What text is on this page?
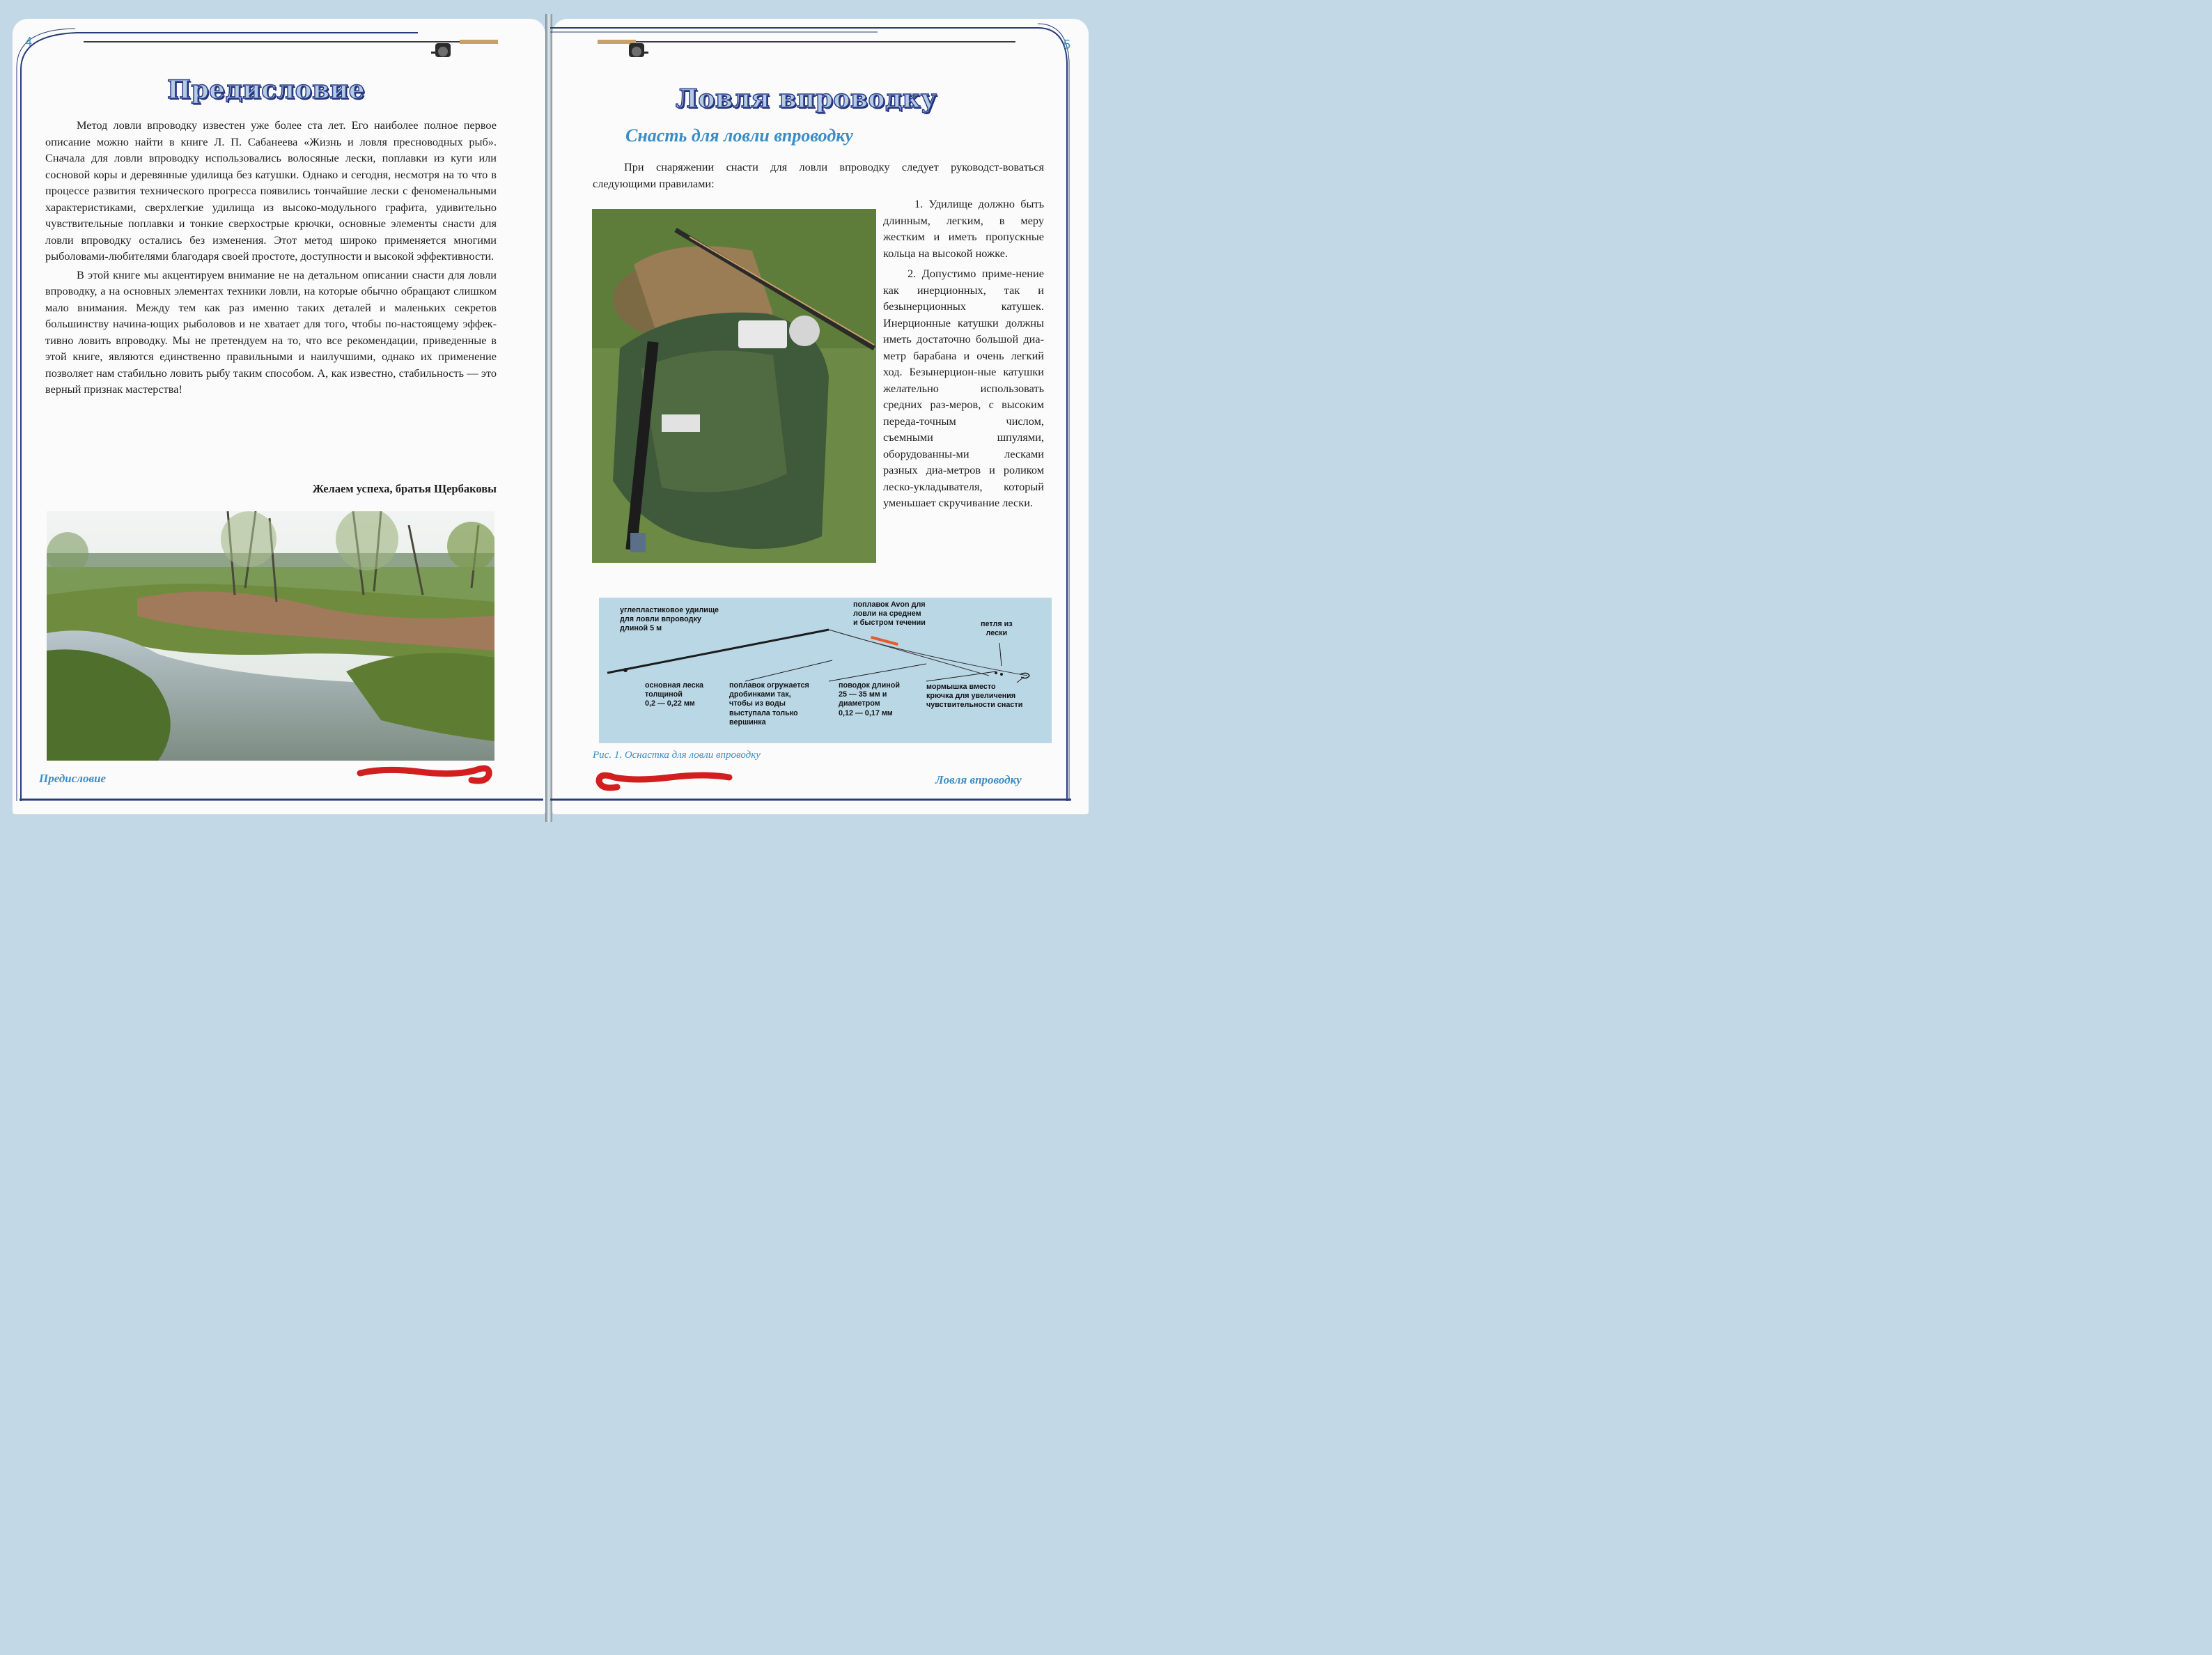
4	5
Предисловие

Метод ловли впроводку известен уже более ста лет. Его наиболее полное первое описание можно найти в книге Л. П. Сабанеева «Жизнь и ловля пресноводных рыб». Сначала для ловли впроводку использовались волосяные лески, поплавки из куги или сосновой коры и деревянные удилища без катушки. Однако и сегодня, несмотря на то что в процессе развития технического прогресса появились тончайшие лески с феноменальными характеристиками, сверхлегкие удилища из высоко-модульного графита, удивительно чувствительные поплавки и тонкие сверхострые крючки, основные элементы снасти для ловли впроводку остались без изменения. Этот метод широко применяется многими рыболовами-любителями благодаря своей простоте, доступности и высокой эффективности.

В этой книге мы акцентируем внимание не на детальном описании снасти для ловли впроводку, а на основных элементах техники ловли, на которые обычно обращают слишком мало внимания. Между тем как раз именно таких деталей и маленьких секретов большинству начина-ющих рыболовов и не хватает для того, чтобы по-настоящему эффек-тивно ловить впроводку. Мы не претендуем на то, что все рекомендации, приведенные в этой книге, являются единственно правильными и наилучшими, однако их применение позволяет нам стабильно ловить рыбу таким способом. А, как известно, стабильность — это верный признак мастерства!

Желаем успеха, братья Щербаковы
Предисловие
Ловля впроводку
Снасть для ловли впроводку

При снаряжении снасти для ловли впроводку следует руководст-воваться следующими правилами:

1. Удилище должно быть длинным, легким, в меру жестким и иметь пропускные кольца на высокой ножке.

2. Допустимо приме-нение как инерционных, так и безынерционных катушек. Инерционные катушки должны иметь достаточно большой диа-метр барабана и очень легкий ход. Безынерцион-ные катушки желательно использовать средних раз-меров, с высоким переда-точным числом, съемными шпулями, оборудованны-ми лесками разных диа-метров и роликом леско-укладывателя, который уменьшает скручивание лески.

углепластиковое удилище
для ловли впроводку
длиной 5 м
поплавок Avon для
ловли на среднем
и быстром течении	петля из
лески
основная леска
толщиной
0,2 — 0,22 мм
поплавок огружается
дробинками так,
чтобы из воды
выступала только
вершинка
поводок длиной
25 — 35 мм и
диаметром
0,12 — 0,17 мм
мормышка вместо
крючка для увеличения
чувствительности снасти
Рис. 1. Оснастка для ловли впроводку
Ловля впроводку
